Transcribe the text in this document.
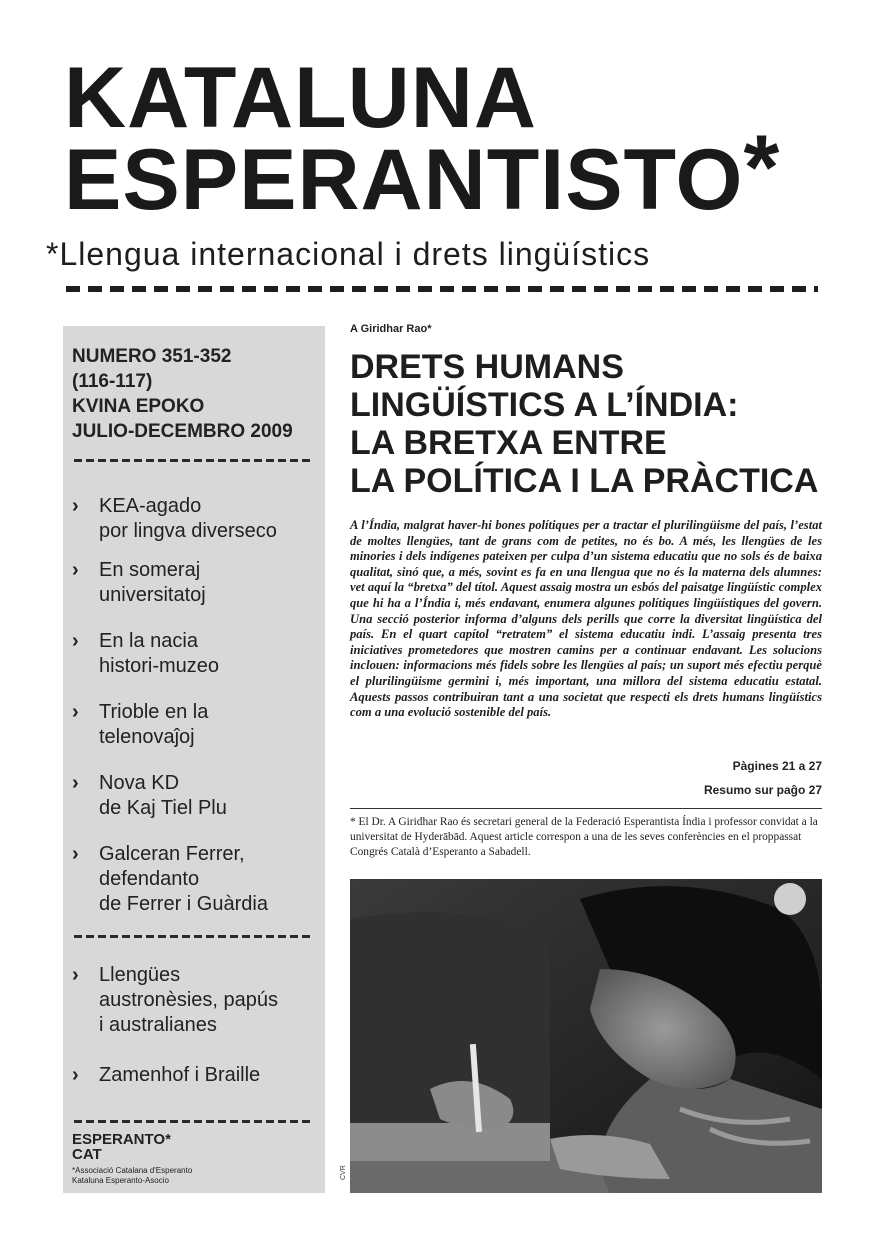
KATALUNA
ESPERANTISTO*
*Llengua internacional i drets lingüístics
NUMERO 351-352
(116-117)
KVINA EPOKO
JULIO-DECEMBRO 2009
› KEA-agado
por lingva diverseco
› En someraj
universitatoj
› En la nacia
histori-muzeo
› Trioble en la
telenovaĵoj
› Nova KD
de Kaj Tiel Plu
› Galceran Ferrer,
defendanto
de Ferrer i Guàrdia
› Llengües
austronèsies, papús
i australianes
› Zamenhof i Braille
ESPERANTO*
CAT
*Associació Catalana d'Esperanto
Kataluna Esperanto-Asocio
A Giridhar Rao*
DRETS HUMANS
LINGÜÍSTICS A L’ÍNDIA:
LA BRETXA ENTRE
LA POLÍTICA I LA PRÀCTICA
A l’Índia, malgrat haver-hi bones polítiques per a tractar el plurilingüisme del país, l’estat de moltes llengües, tant de grans com de petites, no és bo. A més, les llengües de les minories i dels indígenes pateixen per culpa d’un sistema educatiu que no sols és de baixa qualitat, sinó que, a més, sovint es fa en una llengua que no és la materna dels alumnes: vet aquí la “bretxa” del títol. Aquest assaig mostra un esbós del paisatge lingüístic complex que hi ha a l’Índia i, més endavant, enumera algunes polítiques lingüístiques del govern. Una secció posterior informa d’alguns dels perills que corre la diversitat lingüística del país. En el quart capítol “retratem” el sistema educatiu indi. L’assaig presenta tres iniciatives prometedores que mostren camins per a continuar endavant. Les solucions inclouen: informacions més fidels sobre les llengües al país; un suport més efectiu perquè el plurilingüisme germini i, més important, una millora del sistema educatiu estatal. Aquests passos contribuiran tant a una societat que respecti els drets humans lingüístics com a una evolució sostenible del país.
Pàgines 21 a 27
Resumo sur paĝo 27
* El Dr. A Giridhar Rao és secretari general de la Federació Esperantista Índia i professor convidat a la universitat de Hyderābād. Aquest article correspon a una de les seves conferències en el proppassat Congrés Català d’Esperanto a Sabadell.
CVR
